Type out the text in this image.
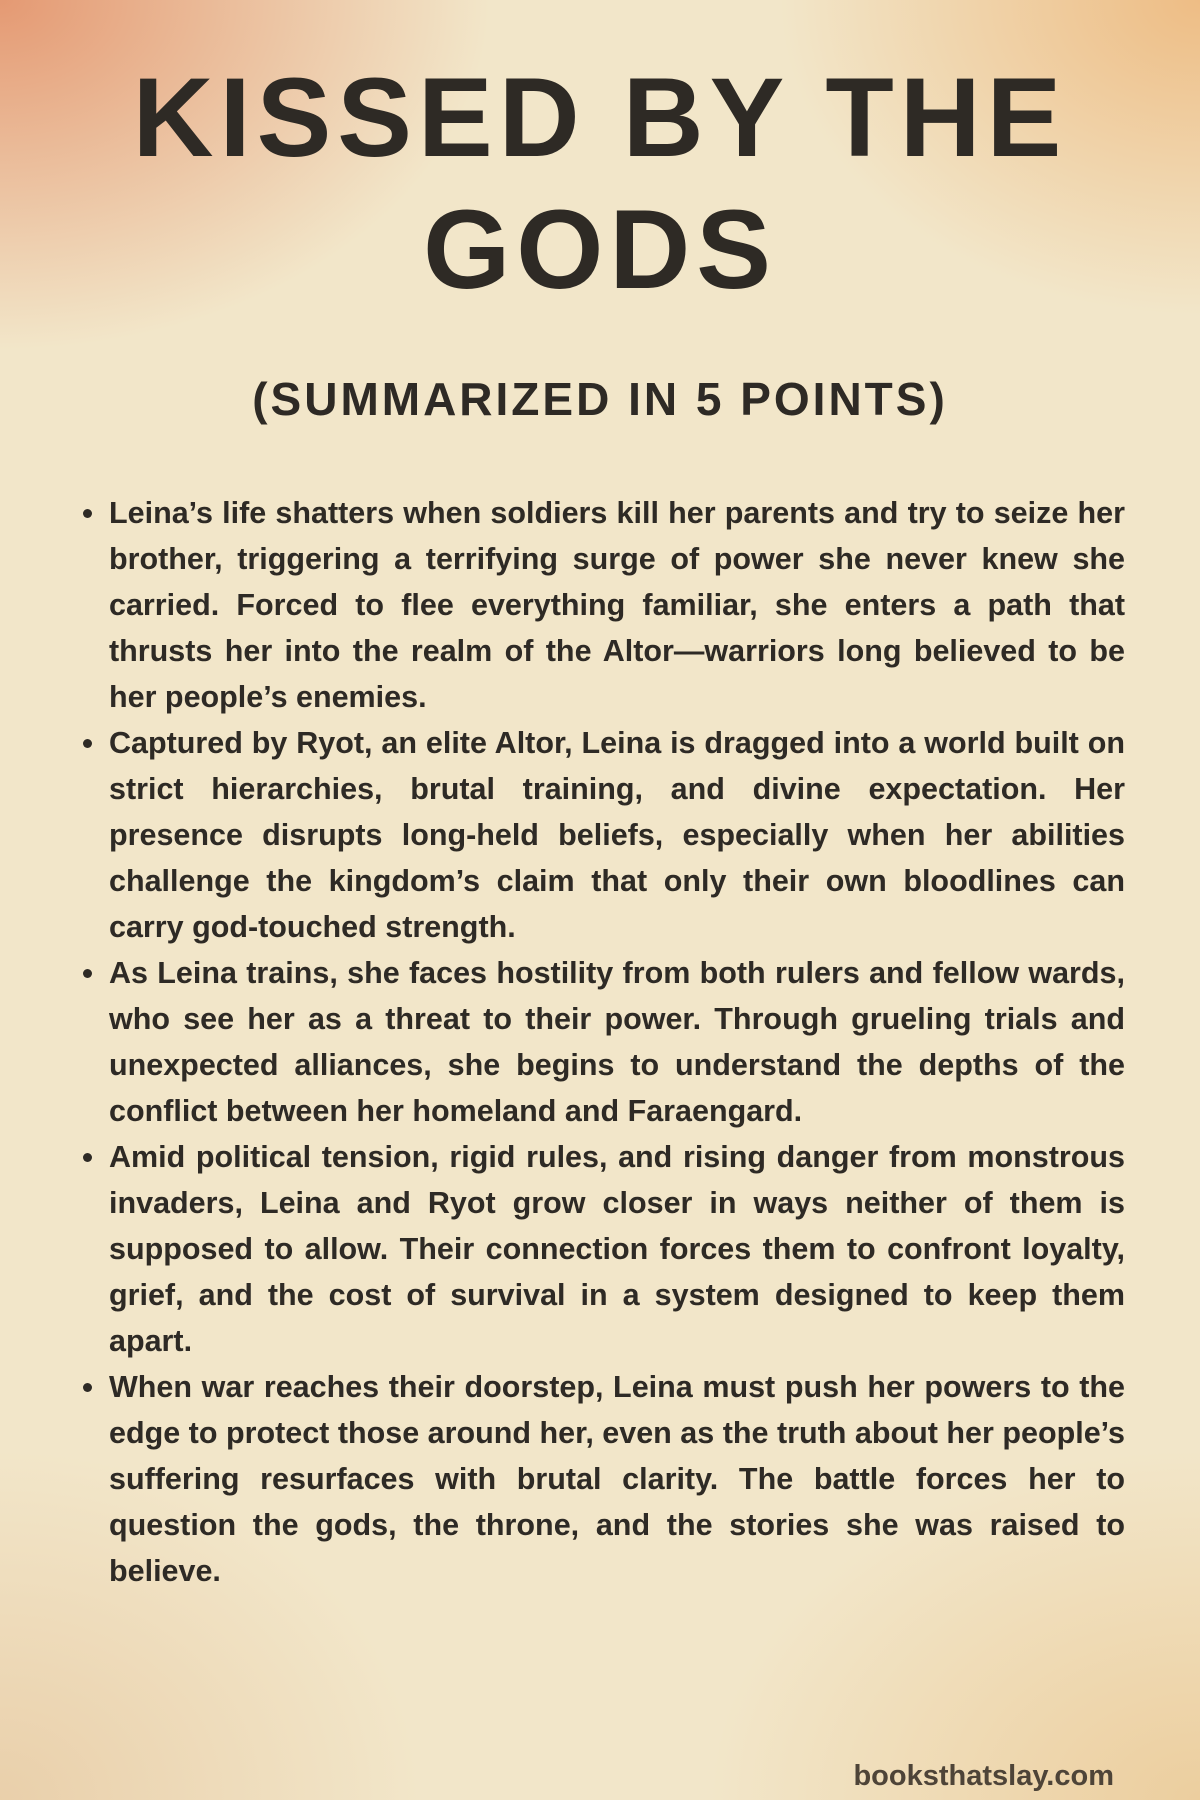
KISSED BY THE
GODS
(SUMMARIZED IN 5 POINTS)
Leina’s life shatters when soldiers kill her parents and try to seize her brother, triggering a terrifying surge of power she never knew she carried. Forced to flee everything familiar, she enters a path that thrusts her into the realm of the Altor—warriors long believed to be her people’s enemies.
Captured by Ryot, an elite Altor, Leina is dragged into a world built on strict hierarchies, brutal training, and divine expectation. Her presence disrupts long-held beliefs, especially when her abilities challenge the kingdom’s claim that only their own bloodlines can carry god-touched strength.
As Leina trains, she faces hostility from both rulers and fellow wards, who see her as a threat to their power. Through grueling trials and unexpected alliances, she begins to understand the depths of the conflict between her homeland and Faraengard.
Amid political tension, rigid rules, and rising danger from monstrous invaders, Leina and Ryot grow closer in ways neither of them is supposed to allow. Their connection forces them to confront loyalty, grief, and the cost of survival in a system designed to keep them apart.
When war reaches their doorstep, Leina must push her powers to the edge to protect those around her, even as the truth about her people’s suffering resurfaces with brutal clarity. The battle forces her to question the gods, the throne, and the stories she was raised to believe.
booksthatslay.com
